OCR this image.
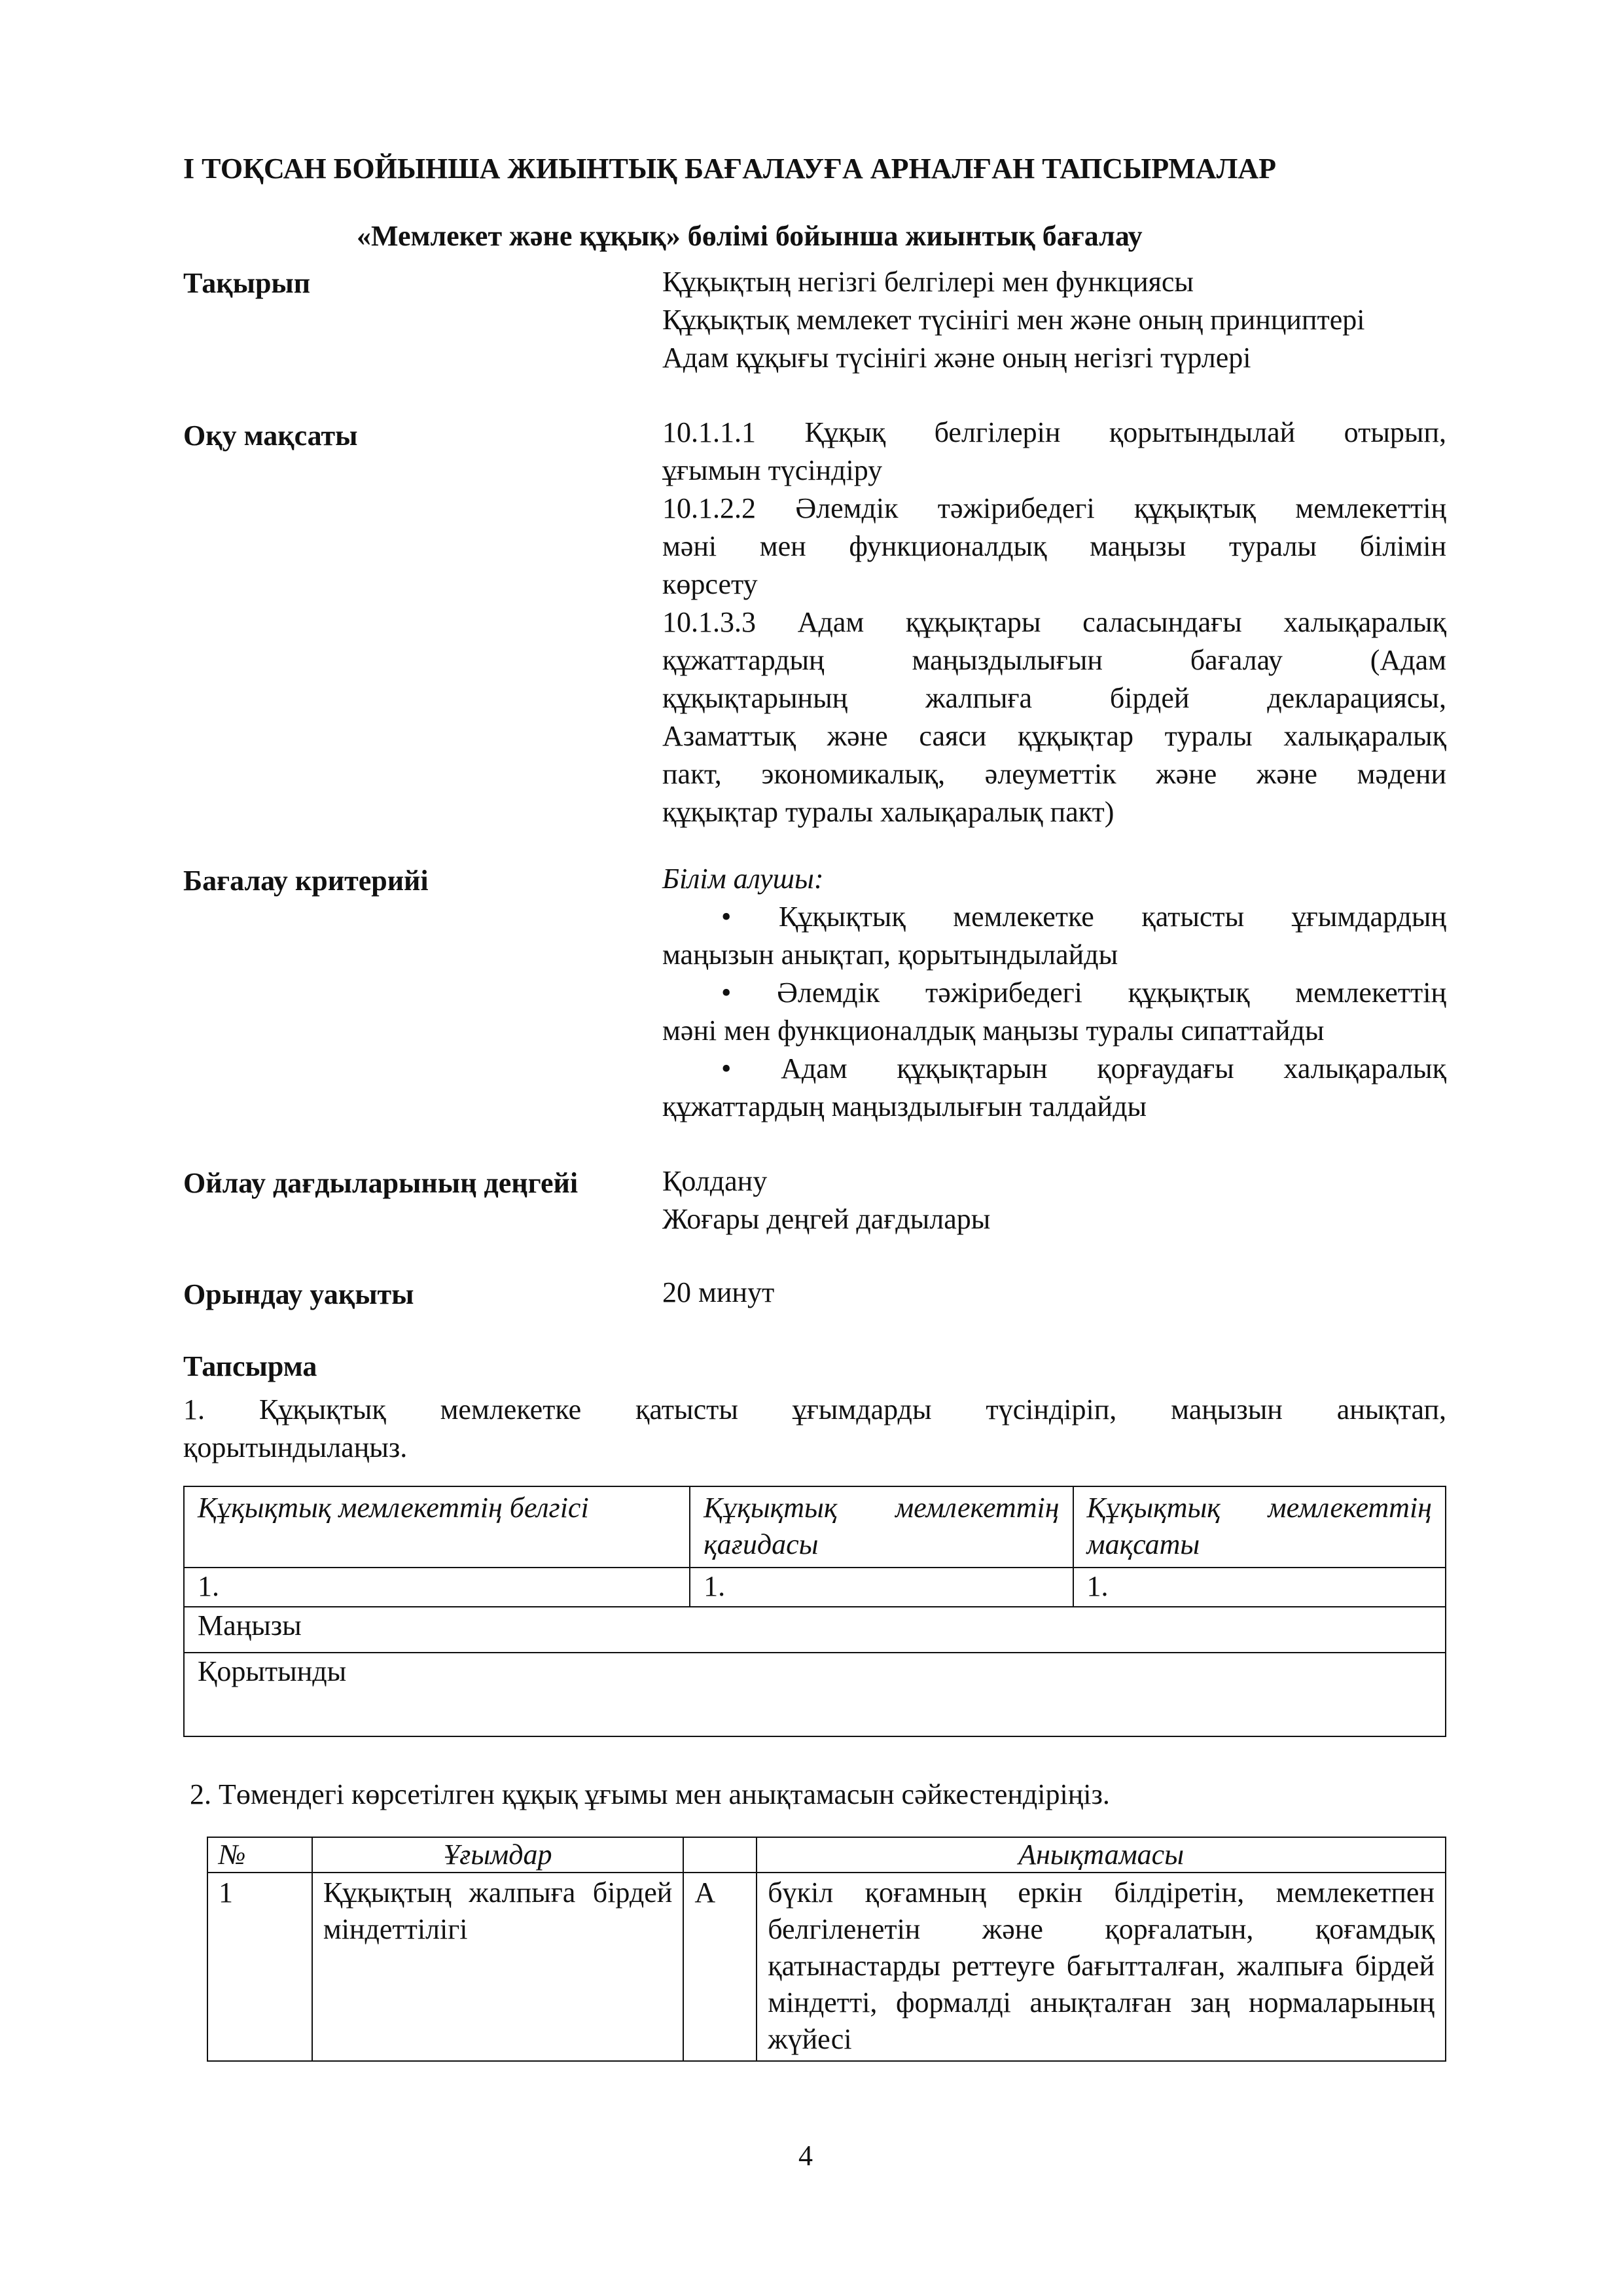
І ТОҚСАН БОЙЫНША ЖИЫНТЫҚ БАҒАЛАУҒА АРНАЛҒАН ТАПСЫРМАЛАР
«Мемлекет және құқық» бөлімі бойынша жиынтық бағалау
Тақырып	Құқықтың негізгі белгілері мен функциясы
Құқықтық мемлекет түсінігі мен және оның принциптері
Адам құқығы түсінігі және оның негізгі түрлері
Оқу мақсаты	10.1.1.1 Құқық белгілерін қорытындылай отырып,
ұғымын түсіндіру
10.1.2.2 Әлемдік тәжірибедегі құқықтық мемлекеттің
мәні мен функционалдық маңызы туралы білімін
көрсету
10.1.3.3 Адам құқықтары саласындағы халықаралық
құжаттардың маңыздылығын бағалау (Адам
құқықтарының жалпыға бірдей декларациясы,
Азаматтық және саяси құқықтар туралы халықаралық
пакт, экономикалық, әлеуметтік және және мәдени
құқықтар туралы халықаралық пакт)
Бағалау критерийі	Білім алушы:
• Құқықтық мемлекетке қатысты ұғымдардың
маңызын анықтап, қорытындылайды
• Әлемдік тәжірибедегі құқықтық мемлекеттің
мәні мен функционалдық маңызы туралы сипаттайды
• Адам құқықтарын қорғаудағы халықаралық
құжаттардың маңыздылығын талдайды
Ойлау дағдыларының деңгейі	Қолдану
Жоғары деңгей дағдылары
Орындау уақыты	20 минут
Тапсырма
1. Құқықтық мемлекетке қатысты ұғымдарды түсіндіріп, маңызын анықтап,
қорытындылаңыз.
Құқықтық мемлекеттің белгісі	Құқықтық мемлекеттің қағидасы	Құқықтық мемлекеттің мақсаты
1.	1.	1.
Маңызы		
Қорытынды		
2. Төмендегі көрсетілген құқық ұғымы мен анықтамасын сәйкестендіріңіз.
№	Ұғымдар		Анықтамасы
1	Құқықтың жалпыға бірдей міндеттілігі	А	бүкіл қоғамның еркін білдіретін, мемлекетпен белгіленетін және қорғалатын, қоғамдық қатынастарды реттеуге бағытталған, жалпыға бірдей міндетті, формалді анықталған заң нормаларының жүйесі
4
